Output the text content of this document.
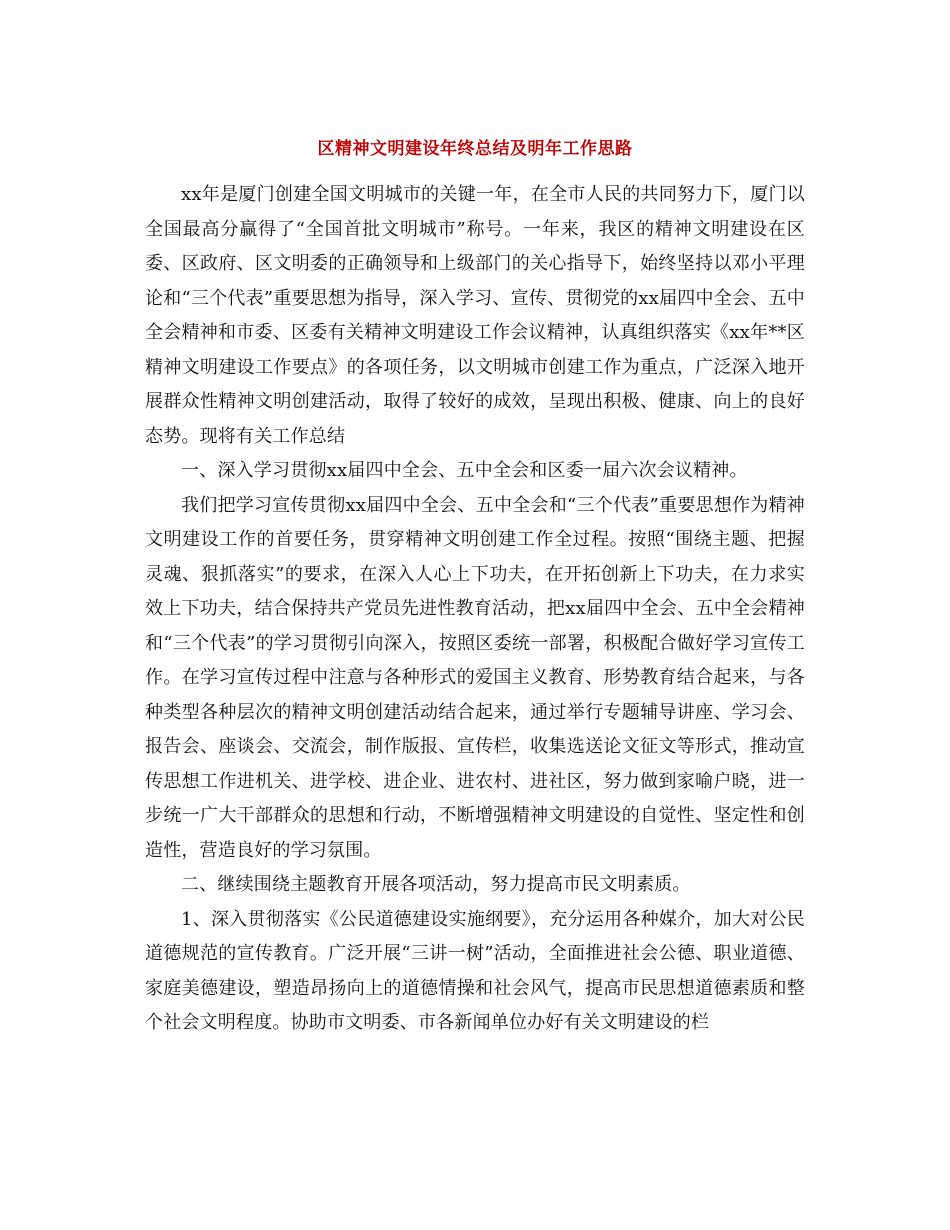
区精神文明建设年终总结及明年工作思路

xx年是厦门创建全国文明城市的关键一年，在全市人民的共同努力下，厦门以全国最高分赢得了“全国首批文明城市”称号。一年来，我区的精神文明建设在区委、区政府、区文明委的正确领导和上级部门的关心指导下，始终坚持以邓小平理论和“三个代表”重要思想为指导，深入学习、宣传、贯彻党的xx届四中全会、五中全会精神和市委、区委有关精神文明建设工作会议精神，认真组织落实《xx年**区精神文明建设工作要点》的各项任务，以文明城市创建工作为重点，广泛深入地开展群众性精神文明创建活动，取得了较好的成效，呈现出积极、健康、向上的良好态势。现将有关工作总结

一、深入学习贯彻xx届四中全会、五中全会和区委一届六次会议精神。

我们把学习宣传贯彻xx届四中全会、五中全会和“三个代表”重要思想作为精神文明建设工作的首要任务，贯穿精神文明创建工作全过程。按照“围绕主题、把握灵魂、狠抓落实”的要求，在深入人心上下功夫，在开拓创新上下功夫，在力求实效上下功夫，结合保持共产党员先进性教育活动，把xx届四中全会、五中全会精神和“三个代表”的学习贯彻引向深入，按照区委统一部署，积极配合做好学习宣传工作。在学习宣传过程中注意与各种形式的爱国主义教育、形势教育结合起来，与各种类型各种层次的精神文明创建活动结合起来，通过举行专题辅导讲座、学习会、报告会、座谈会、交流会，制作版报、宣传栏，收集选送论文征文等形式，推动宣传思想工作进机关、进学校、进企业、进农村、进社区，努力做到家喻户晓，进一步统一广大干部群众的思想和行动，不断增强精神文明建设的自觉性、坚定性和创造性，营造良好的学习氛围。

二、继续围绕主题教育开展各项活动，努力提高市民文明素质。

1、深入贯彻落实《公民道德建设实施纲要》，充分运用各种媒介，加大对公民道德规范的宣传教育。广泛开展“三讲一树”活动，全面推进社会公德、职业道德、家庭美德建设，塑造昂扬向上的道德情操和社会风气，提高市民思想道德素质和整个社会文明程度。协助市文明委、市各新闻单位办好有关文明建设的栏
